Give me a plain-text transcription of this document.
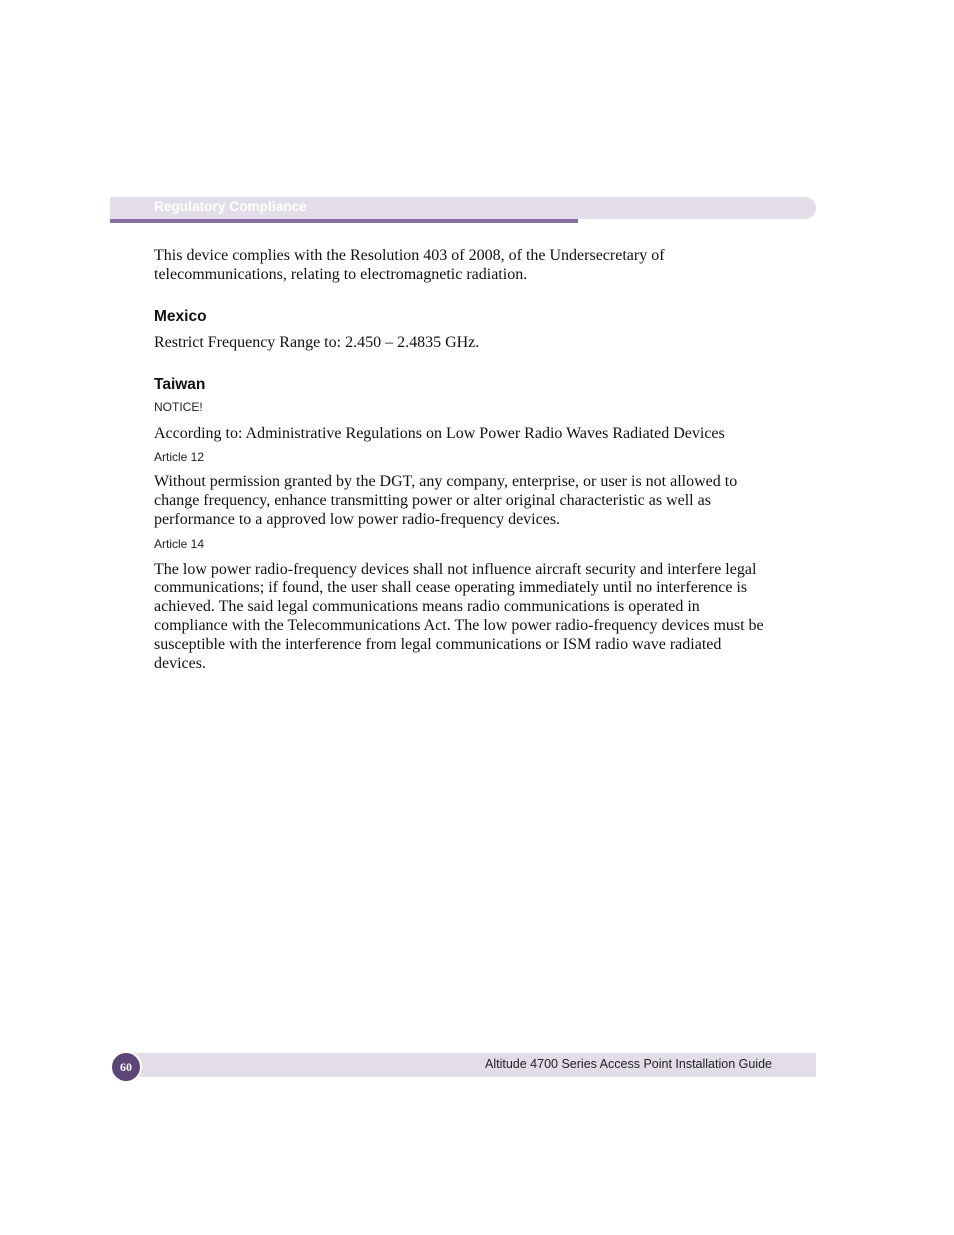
Regulatory Compliance

This device complies with the Resolution 403 of 2008, of the Undersecretary of telecommunications, relating to electromagnetic radiation.

Mexico

Restrict Frequency Range to: 2.450 – 2.4835 GHz.

Taiwan

NOTICE!

According to: Administrative Regulations on Low Power Radio Waves Radiated Devices

Article 12

Without permission granted by the DGT, any company, enterprise, or user is not allowed to change frequency, enhance transmitting power or alter original characteristic as well as performance to a approved low power radio-frequency devices.

Article 14

The low power radio-frequency devices shall not influence aircraft security and interfere legal communications; if found, the user shall cease operating immediately until no interference is achieved. The said legal communications means radio communications is operated in compliance with the Telecommunications Act. The low power radio-frequency devices must be susceptible with the interference from legal communications or ISM radio wave radiated devices.

60	Altitude 4700 Series Access Point Installation Guide
